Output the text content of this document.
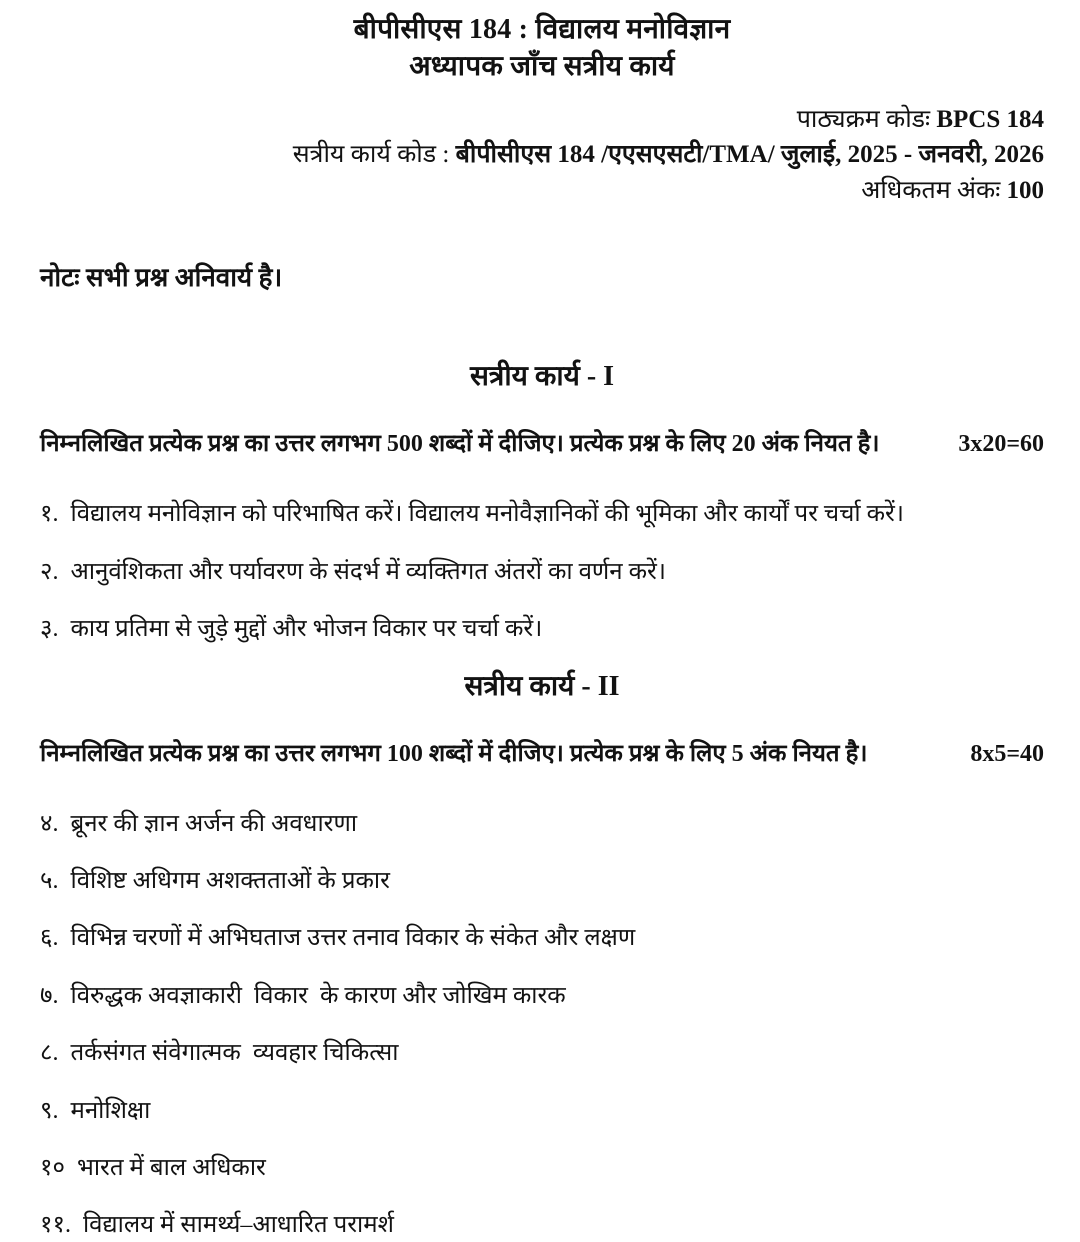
बीपीसीएस 184 : विद्यालय मनोविज्ञान
अध्यापक जाँच सत्रीय कार्य
पाठ्यक्रम कोडः BPCS 184
सत्रीय कार्य कोड : बीपीसीएस 184 /एएसएसटी/TMA/ जुलाई, 2025 - जनवरी, 2026
अधिकतम अंकः 100
नोटः सभी प्रश्न अनिवार्य है।
सत्रीय कार्य - I

निम्नलिखित प्रत्येक प्रश्न का उत्तर लगभग 500 शब्दों में दीजिए। प्रत्येक प्रश्न के लिए 20 अंक नियत है।	3x20=60
१. विद्यालय मनोविज्ञान को परिभाषित करें। विद्यालय मनोवैज्ञानिकों की भूमिका और कार्यों पर चर्चा करें।
२. आनुवंशिकता और पर्यावरण के संदर्भ में व्यक्तिगत अंतरों का वर्णन करें।
३. काय प्रतिमा से जुड़े मुद्दों और भोजन विकार पर चर्चा करें।
सत्रीय कार्य - II

निम्नलिखित प्रत्येक प्रश्न का उत्तर लगभग 100 शब्दों में दीजिए। प्रत्येक प्रश्न के लिए 5 अंक नियत है।	8x5=40
४. ब्रूनर की ज्ञान अर्जन की अवधारणा
५. विशिष्ट अधिगम अशक्तताओं के प्रकार
६. विभिन्न चरणों में अभिघताज उत्तर तनाव विकार के संकेत और लक्षण
७. विरुद्धक अवज्ञाकारी  विकार  के कारण और जोखिम कारक
८. तर्कसंगत संवेगात्मक  व्यवहार चिकित्सा
९. मनोशिक्षा
१० भारत में बाल अधिकार
११. विद्यालय में सामर्थ्य–आधारित परामर्श
